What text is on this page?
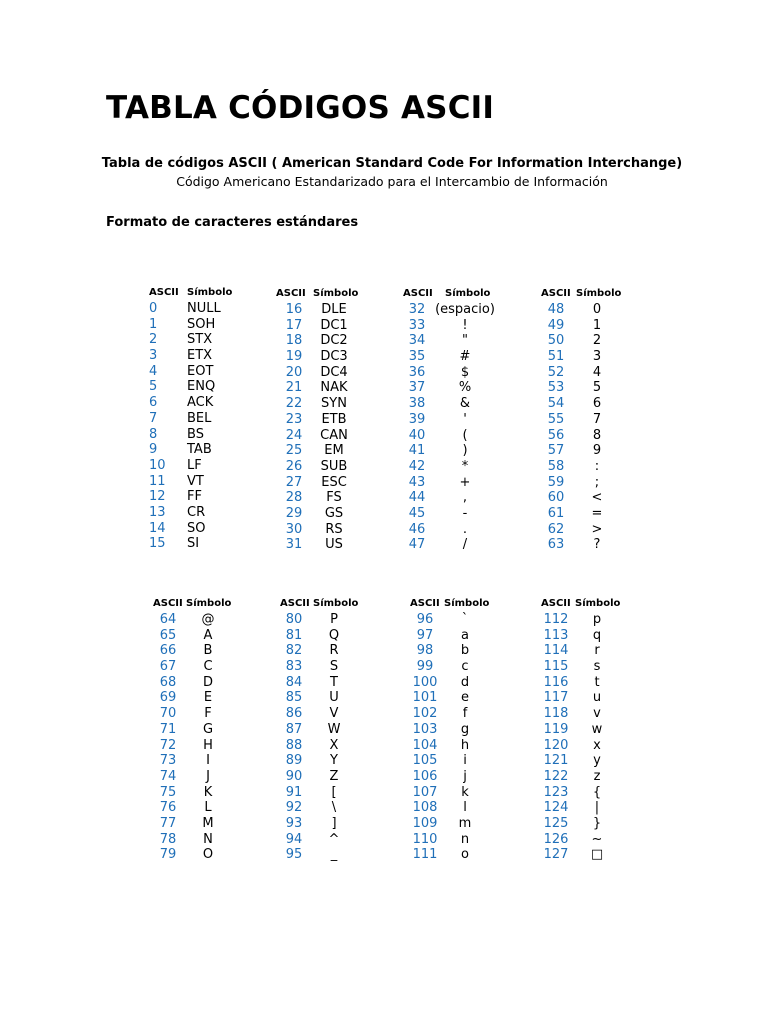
TABLA CÓDIGOS ASCII

Tabla de códigos ASCII ( American Standard Code For Information Interchange)

Código Americano Estandarizado para el Intercambio de Información

Formato de caracteres estándares
ASCII Símbolo
0 NULL
1 SOH
2 STX
3 ETX
4 EOT
5 ENQ
6 ACK
7 BEL
8 BS
9 TAB
10 LF
11 VT
12 FF
13 CR
14 SO
15 SI
ASCII Símbolo
16 DLE
17 DC1
18 DC2
19 DC3
20 DC4
21 NAK
22 SYN
23 ETB
24 CAN
25 EM
26 SUB
27 ESC
28 FS
29 GS
30 RS
31 US
ASCII Símbolo
32 (espacio)
33	!
34	"
35	#
36	$
37	%
38	&
39	'
40	(
41	)
42	*
43	+
44	,
45	-
46	.
47	/
ASCII Símbolo
48 0
49 1
50 2
51 3
52 4
53 5
54 6
55 7
56 8
57 9
58 :
59 ;
60 <
61 =
62 >
63 ?
ASCII Símbolo
64 @
65 A
66 B
67 C
68 D
69 E
70 F
71 G
72 H
73 I
74 J
75 K
76 L
77 M
78 N
79 O
ASCII Símbolo
80 P
81 Q
82 R
83 S
84 T
85 U
86 V
87 W
88 X
89 Y
90 Z
91 [
92 \
93 ]
94 ^
95 _
ASCII Símbolo
96 `
97 a
98 b
99 c
100 d
101 e
102 f
103 g
104 h
105 i
106 j
107 k
108 l
109 m
110 n
111 o
ASCII Símbolo
112 p
113 q
114 r
115 s
116 t
117 u
118 v
119 w
120 x
121 y
122 z
123 {
124 |
125 }
126 ~
127 □
